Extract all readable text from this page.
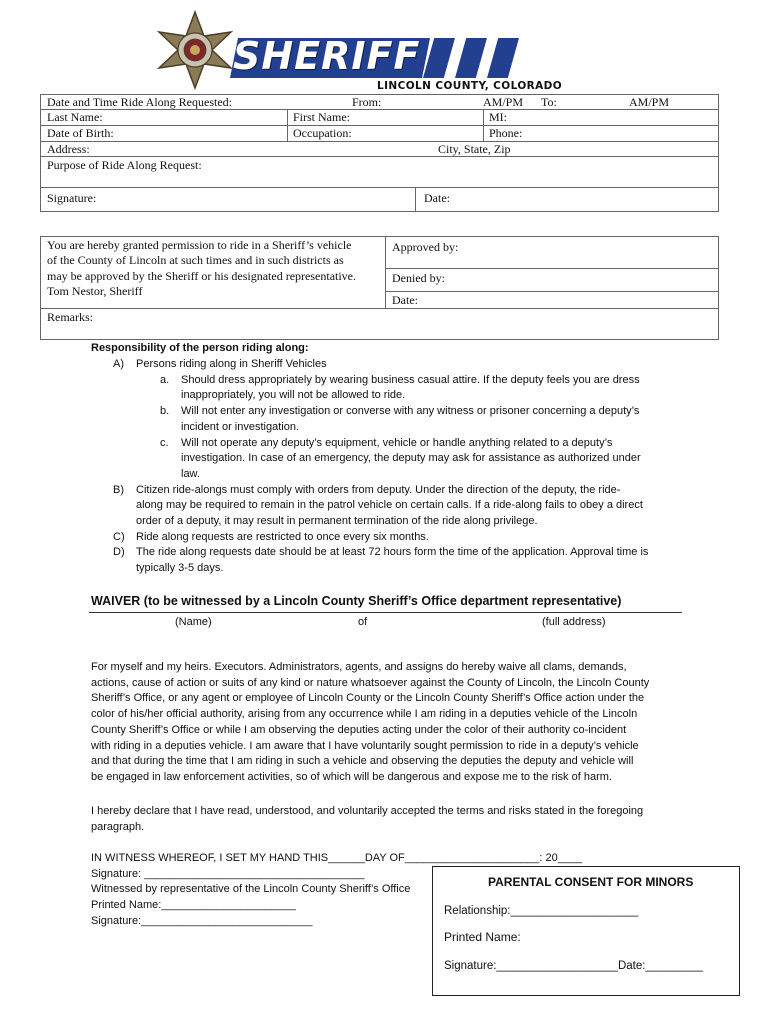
SHERIFF
LINCOLN COUNTY, COLORADO
Date and Time Ride Along Requested:	From:	AM/PM To:	AM/PM
Last Name:	First Name:	MI:
Date of Birth:	Occupation:	Phone:
Address:	City, State, Zip
Purpose of Ride Along Request:
Signature:	Date:
You are hereby granted permission to ride in a Sheriff’s vehicle
of the County of Lincoln at such times and in such districts as
may be approved by the Sheriff or his designated representative.
Tom Nestor, Sheriff
Approved by:
Denied by:
Date:
Remarks:
Responsibility of the person riding along:
A) Persons riding along in Sheriff Vehicles
a. Should dress appropriately by wearing business casual attire. If the deputy feels you are dress
inappropriately, you will not be allowed to ride.
b. Will not enter any investigation or converse with any witness or prisoner concerning a deputy’s
incident or investigation.
c. Will not operate any deputy’s equipment, vehicle or handle anything related to a deputy’s
investigation. In case of an emergency, the deputy may ask for assistance as authorized under
law.
B) Citizen ride-alongs must comply with orders from deputy. Under the direction of the deputy, the ride-
along may be required to remain in the patrol vehicle on certain calls. If a ride-along fails to obey a direct
order of a deputy, it may result in permanent termination of the ride along privilege.
C) Ride along requests are restricted to once every six months.
D) The ride along requests date should be at least 72 hours form the time of the application. Approval time is
typically 3-5 days.
WAIVER (to be witnessed by a Lincoln County Sheriff’s Office department representative)
(Name)	of	(full address)
For myself and my heirs. Executors. Administrators, agents, and assigns do hereby waive all clams, demands,
actions, cause of action or suits of any kind or nature whatsoever against the County of Lincoln, the Lincoln County
Sheriff’s Office, or any agent or employee of Lincoln County or the Lincoln County Sheriff’s Office action under the
color of his/her official authority, arising from any occurrence while I am riding in a deputies vehicle of the Lincoln
County Sheriff’s Office or while I am observing the deputies acting under the color of their authority co-incident
with riding in a deputies vehicle. I am aware that I have voluntarily sought permission to ride in a deputy’s vehicle
and that during the time that I am riding in such a vehicle and observing the deputies the deputy and vehicle will
be engaged in law enforcement activities, so of which will be dangerous and expose me to the risk of harm.
I hereby declare that I have read, understood, and voluntarily accepted the terms and risks stated in the foregoing
paragraph.
IN WITNESS WHEREOF, I SET MY HAND THIS______DAY OF______________________: 20____
Signature: ____________________________________
Witnessed by representative of the Lincoln County Sheriff’s Office
Printed Name:______________________
Signature:____________________________
PARENTAL CONSENT FOR MINORS
Relationship:____________________
Printed Name:
Signature:___________________Date:_________
